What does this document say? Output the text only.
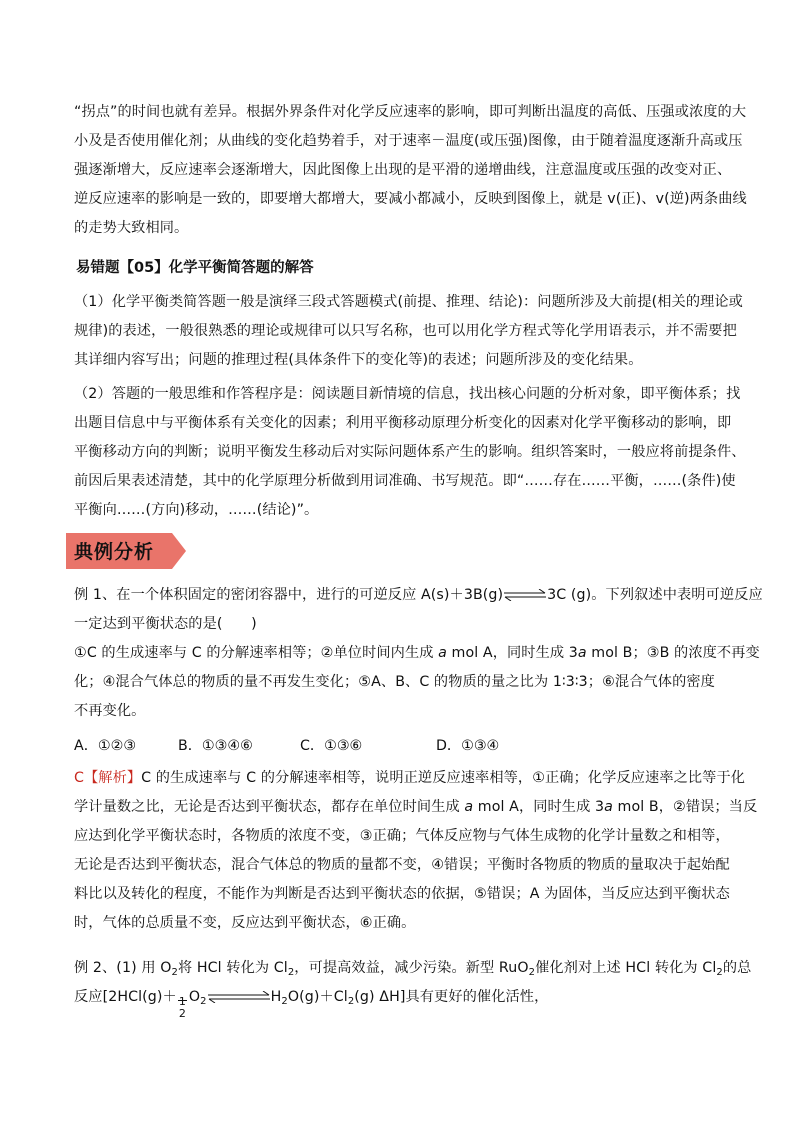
“拐点”的时间也就有差异。根据外界条件对化学反应速率的影响，即可判断出温度的高低、压强或浓度的大
小及是否使用催化剂；从曲线的变化趋势着手，对于速率－温度(或压强)图像，由于随着温度逐渐升高或压
强逐渐增大，反应速率会逐渐增大，因此图像上出现的是平滑的递增曲线，注意温度或压强的改变对正、
逆反应速率的影响是一致的，即要增大都增大，要减小都减小，反映到图像上，就是 v(正)、v(逆)两条曲线
的走势大致相同。
易错题【05】化学平衡简答题的解答
（1）化学平衡类简答题一般是演绎三段式答题模式(前提、推理、结论)：问题所涉及大前提(相关的理论或
规律)的表述，一般很熟悉的理论或规律可以只写名称，也可以用化学方程式等化学用语表示，并不需要把
其详细内容写出；问题的推理过程(具体条件下的变化等)的表述；问题所涉及的变化结果。
（2）答题的一般思维和作答程序是：阅读题目新情境的信息，找出核心问题的分析对象，即平衡体系；找
出题目信息中与平衡体系有关变化的因素；利用平衡移动原理分析变化的因素对化学平衡移动的影响，即
平衡移动方向的判断；说明平衡发生移动后对实际问题体系产生的影响。组织答案时，一般应将前提条件、
前因后果表述清楚，其中的化学原理分析做到用词准确、书写规范。即“……存在……平衡，……(条件)使
平衡向……(方向)移动，……(结论)”。
典例分析
例 1、在一个体积固定的密闭容器中，进行的可逆反应 A(s)＋3B(g)⇌3C (g)。下列叙述中表明可逆反应
一定达到平衡状态的是(　　)
①C 的生成速率与 C 的分解速率相等；②单位时间内生成 a mol A，同时生成 3a mol B；③B 的浓度不再变
化；④混合气体总的物质的量不再发生变化；⑤A、B、C 的物质的量之比为 1∶3∶3；⑥混合气体的密度
不再变化。
A．①②③	B．①③④⑥	C．①③⑥	D．①③④
C【解析】C 的生成速率与 C 的分解速率相等，说明正逆反应速率相等，①正确；化学反应速率之比等于化
学计量数之比，无论是否达到平衡状态，都存在单位时间生成 a mol A，同时生成 3a mol B，②错误；当反
应达到化学平衡状态时，各物质的浓度不变，③正确；气体反应物与气体生成物的化学计量数之和相等，
无论是否达到平衡状态，混合气体总的物质的量都不变，④错误；平衡时各物质的物质的量取决于起始配
料比以及转化的程度，不能作为判断是否达到平衡状态的依据，⑤错误；A 为固体，当反应达到平衡状态
时，气体的总质量不变，反应达到平衡状态，⑥正确。
例 2、(1) 用 $O_2$将 HCl 转化为 $Cl_2$，可提高效益，减少污染。新型 RuO$_2$催化剂对上述 HCl 转化为 $Cl_2$的总
反应[2HCl(g)＋ 1
2
$O_2$	$H_2O(g)+Cl_2(g)$ ΔH]具有更好的催化活性，
